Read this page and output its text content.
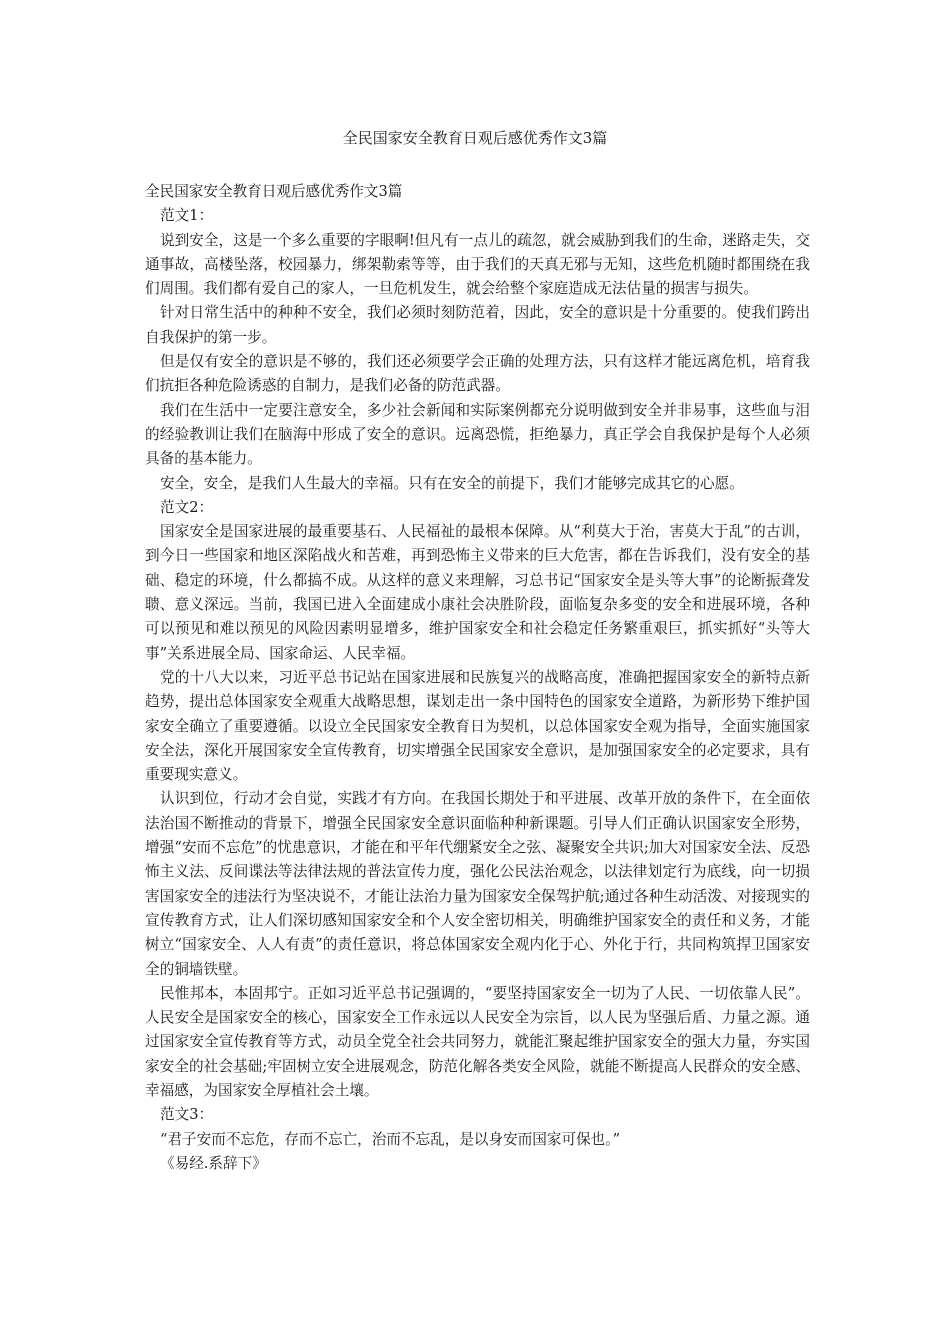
全民国家安全教育日观后感优秀作文3篇

全民国家安全教育日观后感优秀作文3篇

范文1：

说到安全，这是一个多么重要的字眼啊!但凡有一点儿的疏忽，就会威胁到我们的生命，迷路走失，交通事故，高楼坠落，校园暴力，绑架勒索等等，由于我们的天真无邪与无知，这些危机随时都围绕在我们周围。我们都有爱自己的家人，一旦危机发生，就会给整个家庭造成无法估量的损害与损失。

针对日常生活中的种种不安全，我们必须时刻防范着，因此，安全的意识是十分重要的。使我们跨出自我保护的第一步。

但是仅有安全的意识是不够的，我们还必须要学会正确的处理方法，只有这样才能远离危机，培育我们抗拒各种危险诱惑的自制力，是我们必备的防范武器。

我们在生活中一定要注意安全，多少社会新闻和实际案例都充分说明做到安全并非易事，这些血与泪的经验教训让我们在脑海中形成了安全的意识。远离恐慌，拒绝暴力，真正学会自我保护是每个人必须具备的基本能力。

安全，安全，是我们人生最大的幸福。只有在安全的前提下，我们才能够完成其它的心愿。

范文2：

国家安全是国家进展的最重要基石、人民福祉的最根本保障。从“利莫大于治，害莫大于乱”的古训，到今日一些国家和地区深陷战火和苦难，再到恐怖主义带来的巨大危害，都在告诉我们，没有安全的基础、稳定的环境，什么都搞不成。从这样的意义来理解，习总书记“国家安全是头等大事”的论断振聋发聩、意义深远。当前，我国已进入全面建成小康社会决胜阶段，面临复杂多变的安全和进展环境，各种可以预见和难以预见的风险因素明显增多，维护国家安全和社会稳定任务繁重艰巨，抓实抓好“头等大事”关系进展全局、国家命运、人民幸福。

党的十八大以来，习近平总书记站在国家进展和民族复兴的战略高度，准确把握国家安全的新特点新趋势，提出总体国家安全观重大战略思想，谋划走出一条中国特色的国家安全道路，为新形势下维护国家安全确立了重要遵循。以设立全民国家安全教育日为契机，以总体国家安全观为指导，全面实施国家安全法，深化开展国家安全宣传教育，切实增强全民国家安全意识，是加强国家安全的必定要求，具有重要现实意义。

认识到位，行动才会自觉，实践才有方向。在我国长期处于和平进展、改革开放的条件下，在全面依法治国不断推动的背景下，增强全民国家安全意识面临种种新课题。引导人们正确认识国家安全形势，增强“安而不忘危”的忧患意识，才能在和平年代绷紧安全之弦、凝聚安全共识;加大对国家安全法、反恐怖主义法、反间谍法等法律法规的普法宣传力度，强化公民法治观念，以法律划定行为底线，向一切损害国家安全的违法行为坚决说不，才能让法治力量为国家安全保驾护航;通过各种生动活泼、对接现实的宣传教育方式，让人们深切感知国家安全和个人安全密切相关，明确维护国家安全的责任和义务，才能树立“国家安全、人人有责”的责任意识，将总体国家安全观内化于心、外化于行，共同构筑捍卫国家安全的铜墙铁壁。

民惟邦本，本固邦宁。正如习近平总书记强调的，“要坚持国家安全一切为了人民、一切依靠人民”。人民安全是国家安全的核心，国家安全工作永远以人民安全为宗旨，以人民为坚强后盾、力量之源。通过国家安全宣传教育等方式，动员全党全社会共同努力，就能汇聚起维护国家安全的强大力量，夯实国家安全的社会基础;牢固树立安全进展观念，防范化解各类安全风险，就能不断提高人民群众的安全感、幸福感，为国家安全厚植社会土壤。

范文3：

“君子安而不忘危，存而不忘亡，治而不忘乱，是以身安而国家可保也。”

《易经.系辞下》
